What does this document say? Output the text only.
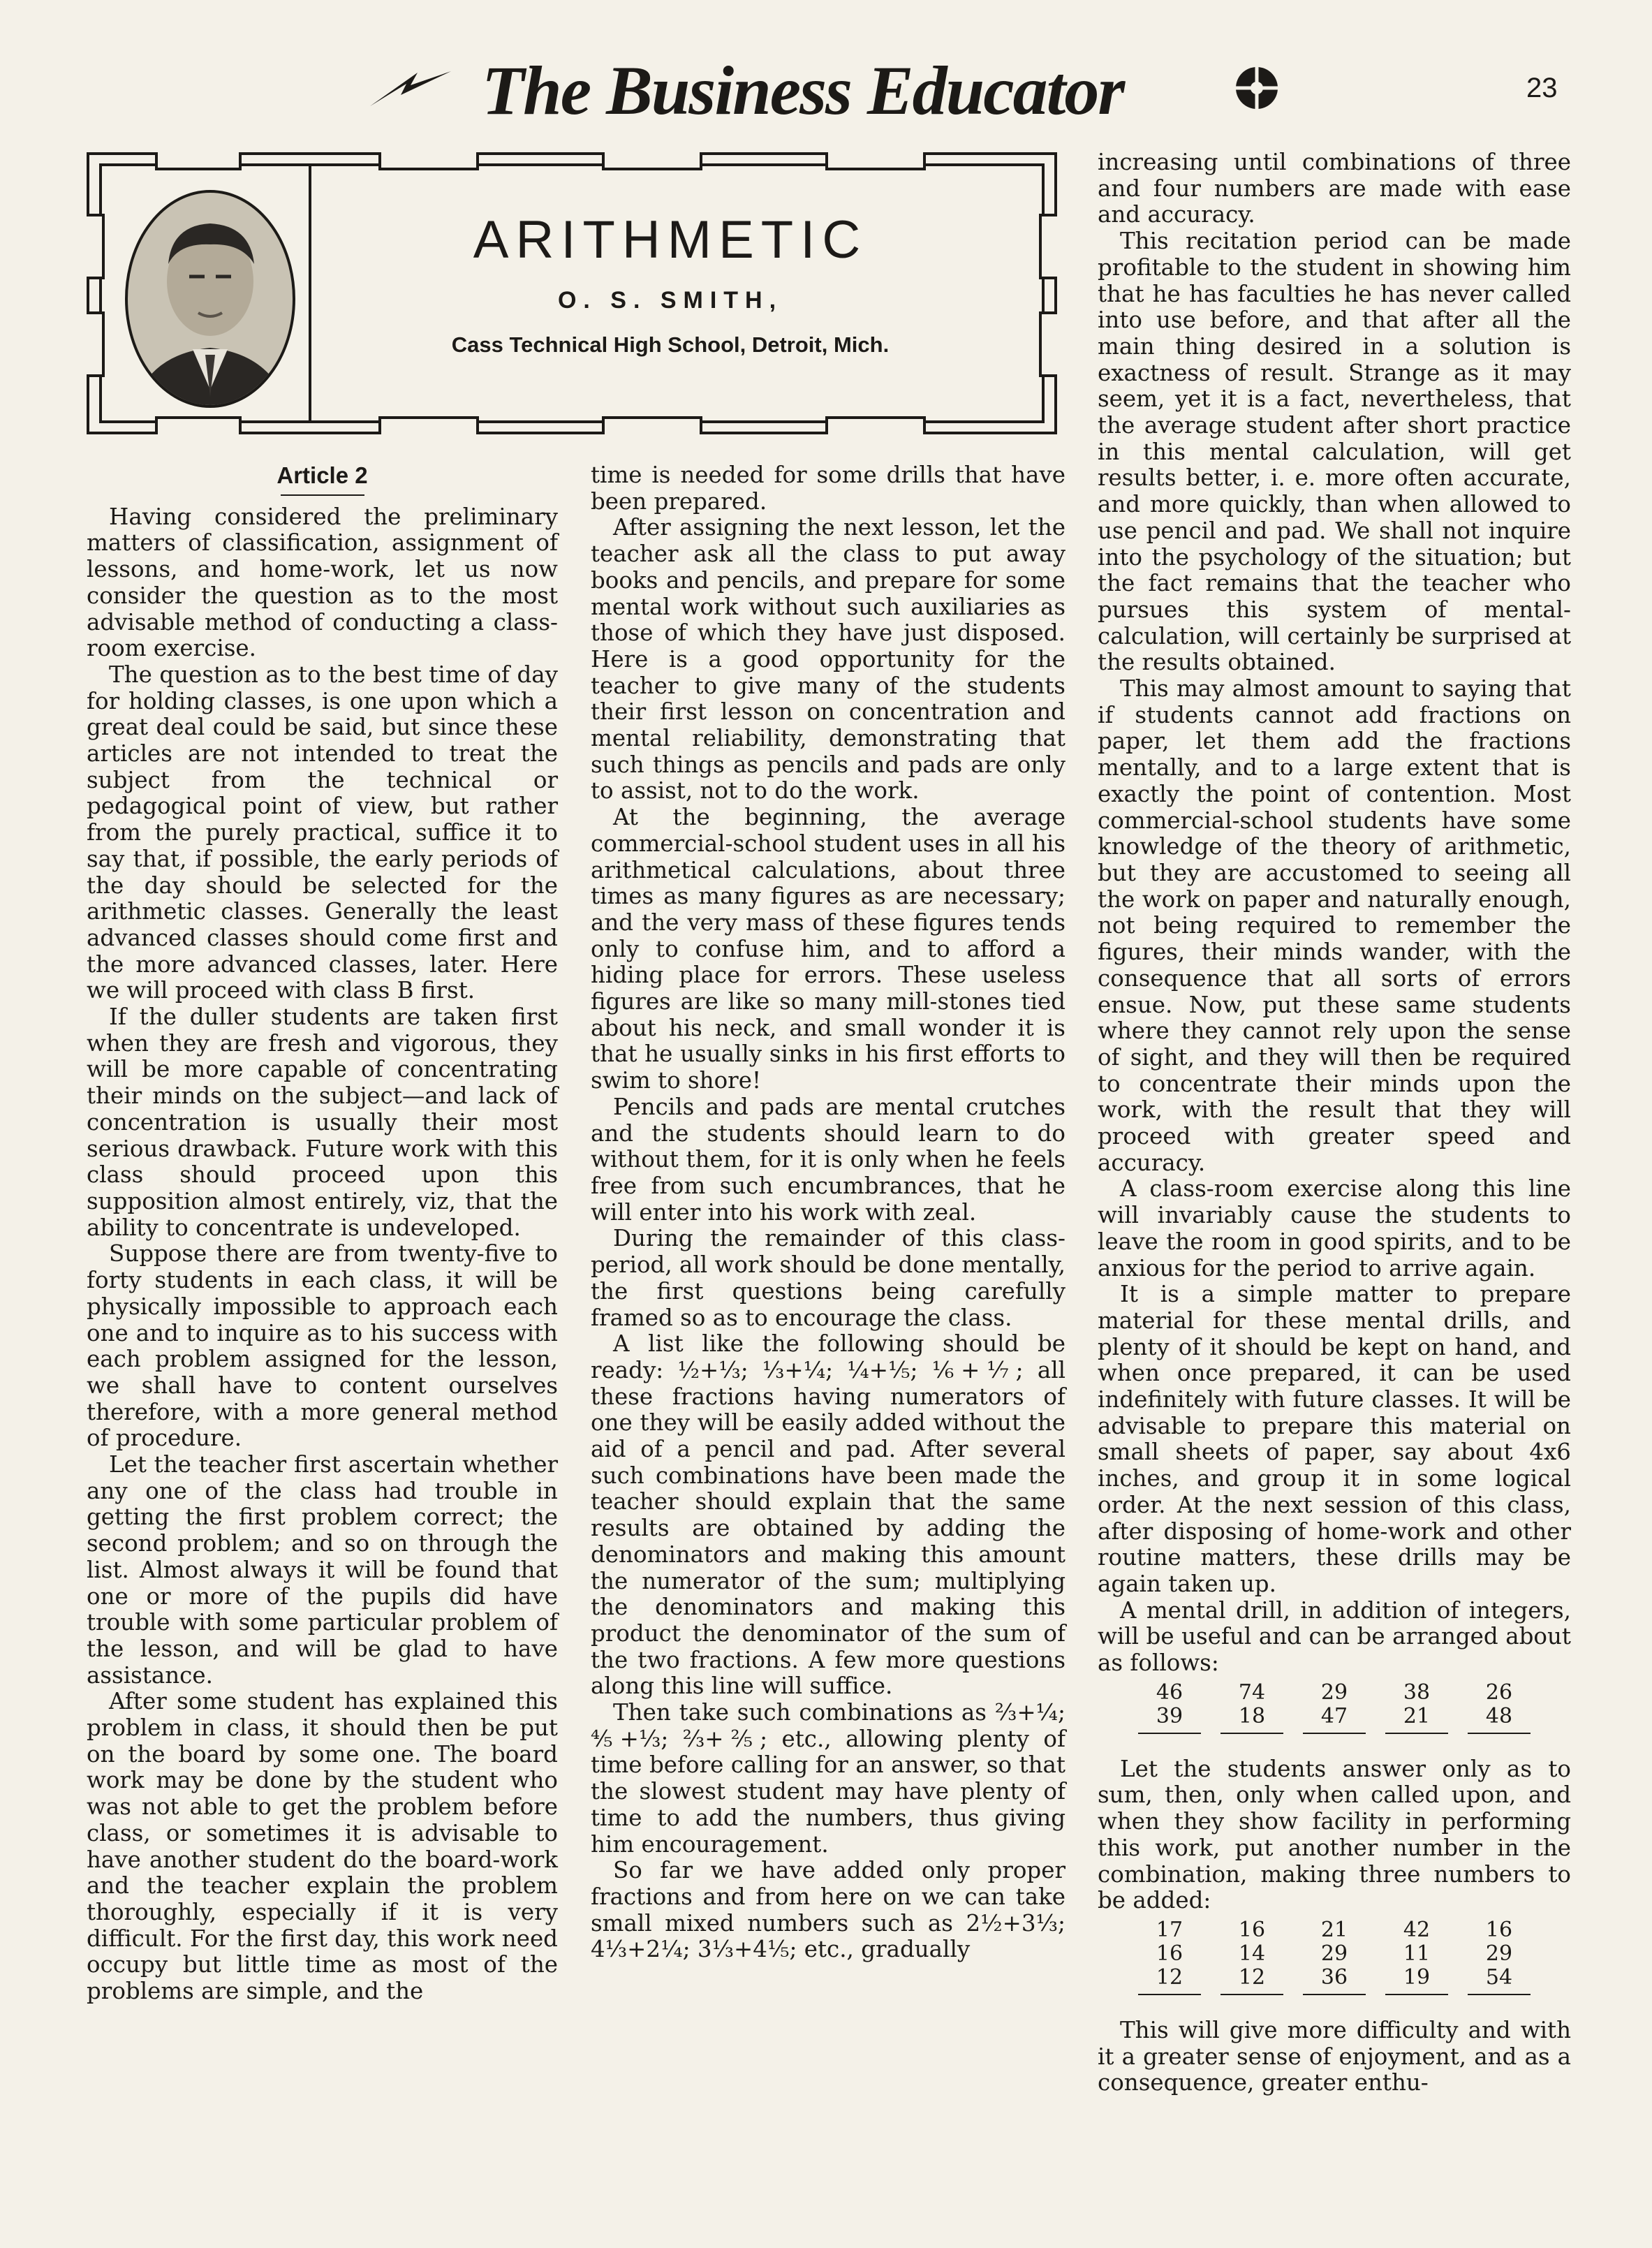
The Business Educator	23
ARITHMETIC
O. S. SMITH,
Cass Technical High School, Detroit, Mich.
Article 2

Having considered the preliminary matters of classification, assignment of lessons, and home-work, let us now consider the question as to the most advisable method of conducting a class-room exercise.

The question as to the best time of day for holding classes, is one upon which a great deal could be said, but since these articles are not intended to treat the subject from the technical or pedagogical point of view, but rather from the purely practical, suffice it to say that, if possible, the early periods of the day should be selected for the arithmetic classes. Generally the least advanced classes should come first and the more advanced classes, later. Here we will proceed with class B first.

If the duller students are taken first when they are fresh and vigorous, they will be more capable of concentrating their minds on the subject—and lack of concentration is usually their most serious drawback. Future work with this class should proceed upon this supposition almost entirely, viz, that the ability to concentrate is undeveloped.

Suppose there are from twenty-five to forty students in each class, it will be physically impossible to approach each one and to inquire as to his success with each problem assigned for the lesson, we shall have to content ourselves therefore, with a more general method of procedure.

Let the teacher first ascertain whether any one of the class had trouble in getting the first problem correct; the second problem; and so on through the list. Almost always it will be found that one or more of the pupils did have trouble with some particular problem of the lesson, and will be glad to have assistance.

After some student has explained this problem in class, it should then be put on the board by some one. The board work may be done by the student who was not able to get the problem before class, or sometimes it is advisable to have another student do the board-work and the teacher explain the problem thoroughly, especially if it is very difficult. For the first day, this work need occupy but little time as most of the problems are simple, and the

time is needed for some drills that have been prepared.

After assigning the next lesson, let the teacher ask all the class to put away books and pencils, and prepare for some mental work without such auxiliaries as those of which they have just disposed. Here is a good opportunity for the teacher to give many of the students their first lesson on concentration and mental reliability, demonstrating that such things as pencils and pads are only to assist, not to do the work.

At the beginning, the average commercial-school student uses in all his arithmetical calculations, about three times as many figures as are necessary; and the very mass of these figures tends only to confuse him, and to afford a hiding place for errors. These useless figures are like so many mill-stones tied about his neck, and small wonder it is that he usually sinks in his first efforts to swim to shore!

Pencils and pads are mental crutches and the students should learn to do without them, for it is only when he feels free from such encumbrances, that he will enter into his work with zeal.

During the remainder of this class-period, all work should be done mentally, the first questions being carefully framed so as to encourage the class.

A list like the following should be ready: ½+⅓; ⅓+¼; ¼+⅕; ⅙+⅐; all these fractions having numerators of one they will be easily added without the aid of a pencil and pad. After several such combinations have been made the teacher should explain that the same results are obtained by adding the denominators and making this amount the numerator of the sum; multiplying the denominators and making this product the denominator of the sum of the two fractions. A few more questions along this line will suffice.

Then take such combinations as ⅔+¼; ⅘+⅓; ⅔+⅖; etc., allowing plenty of time before calling for an answer, so that the slowest student may have plenty of time to add the numbers, thus giving him encouragement.

So far we have added only proper fractions and from here on we can take small mixed numbers such as 2½+3⅓; 4⅓+2¼; 3⅓+4⅕; etc., gradually

increasing until combinations of three and four numbers are made with ease and accuracy.

This recitation period can be made profitable to the student in showing him that he has faculties he has never called into use before, and that after all the main thing desired in a solution is exactness of result. Strange as it may seem, yet it is a fact, nevertheless, that the average student after short practice in this mental calculation, will get results better, i. e. more often accurate, and more quickly, than when allowed to use pencil and pad. We shall not inquire into the psychology of the situation; but the fact remains that the teacher who pursues this system of mental-calculation, will certainly be surprised at the results obtained.

This may almost amount to saying that if students cannot add fractions on paper, let them add the fractions mentally, and to a large extent that is exactly the point of contention. Most commercial-school students have some knowledge of the theory of arithmetic, but they are accustomed to seeing all the work on paper and naturally enough, not being required to remember the figures, their minds wander, with the consequence that all sorts of errors ensue. Now, put these same students where they cannot rely upon the sense of sight, and they will then be required to concentrate their minds upon the work, with the result that they will proceed with greater speed and accuracy.

A class-room exercise along this line will invariably cause the students to leave the room in good spirits, and to be anxious for the period to arrive again.

It is a simple matter to prepare material for these mental drills, and plenty of it should be kept on hand, and when once prepared, it can be used indefinitely with future classes. It will be advisable to prepare this material on small sheets of paper, say about 4x6 inches, and group it in some logical order. At the next session of this class, after disposing of home-work and other routine matters, these drills may be again taken up.

A mental drill, in addition of integers, will be useful and can be arranged about as follows:

46	74	29	38	26
39	18	47	21	48

Let the students answer only as to sum, then, only when called upon, and when they show facility in performing this work, put another number in the combination, making three numbers to be added:

17	16	21	42	16
16	14	29	11	29
12	12	36	19	54

This will give more difficulty and with it a greater sense of enjoyment, and as a consequence, greater enthu-
